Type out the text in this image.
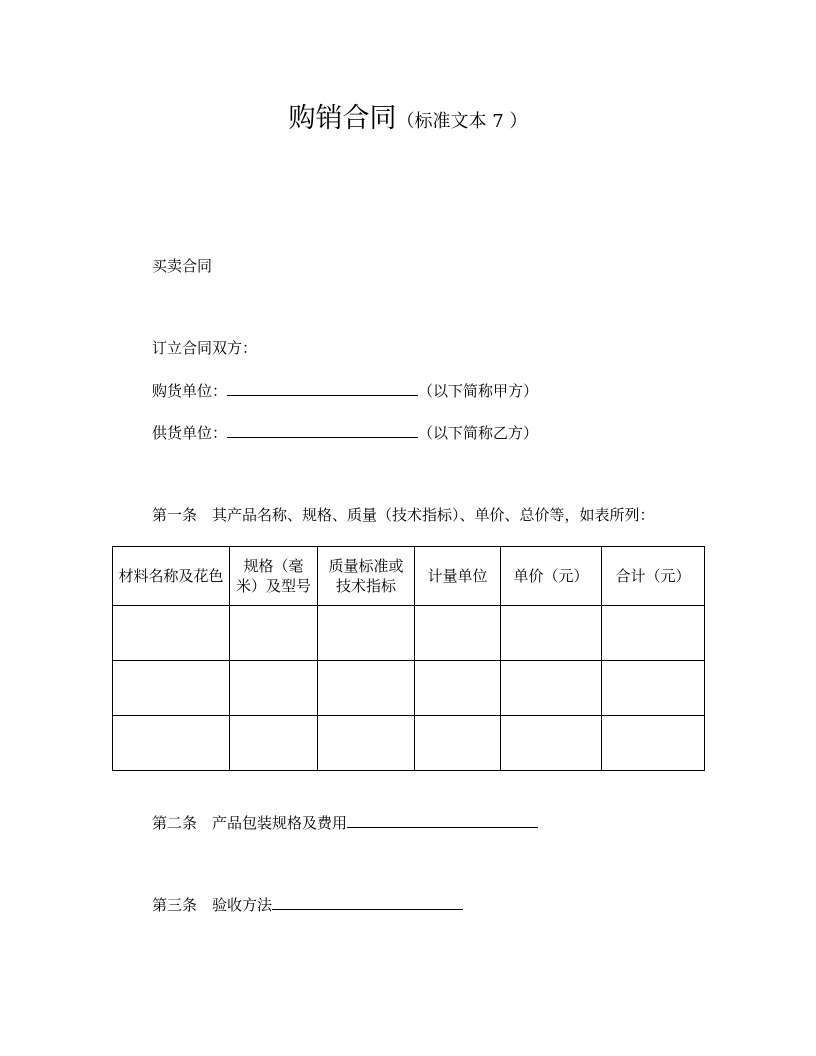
购销合同（标准文本 7 ）
买卖合同
订立合同双方：
购货单位：	（以下简称甲方）
供货单位：	（以下简称乙方）
第一条 其产品名称、规格、质量（技术指标）、单价、总价等，如表所列：
材料名称及花色	规格（毫米）及型号	质量标准或技术指标	计量单位	单价（元）	合计（元）

第二条 产品包装规格及费用
第三条 验收方法
